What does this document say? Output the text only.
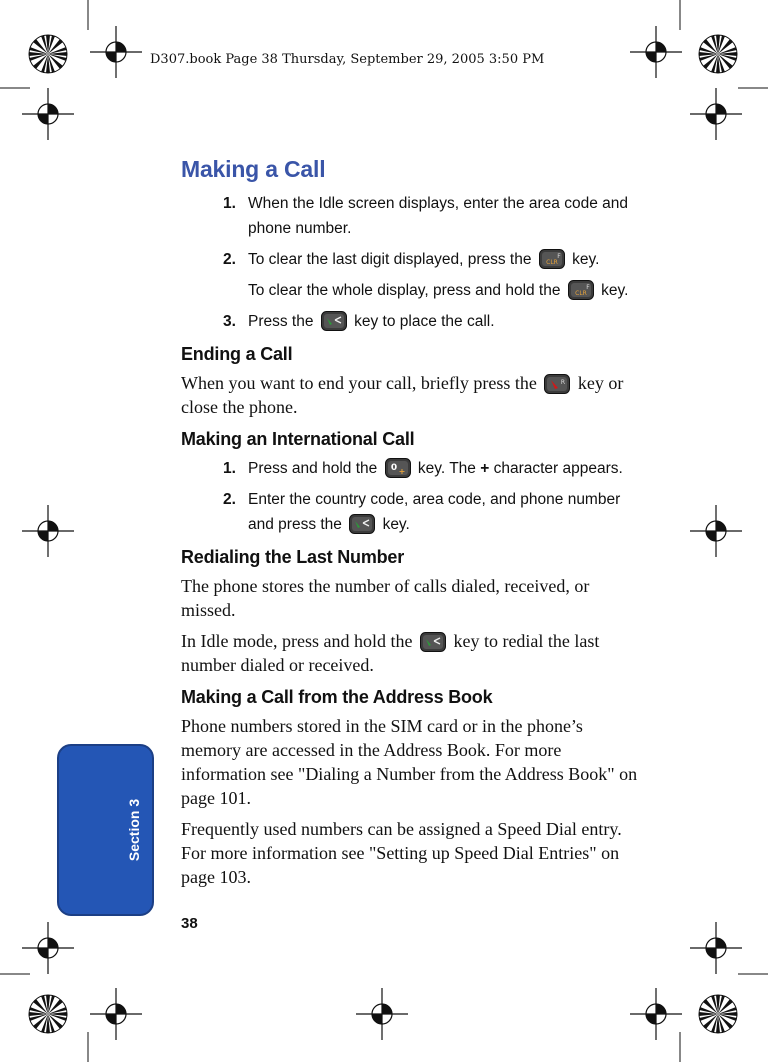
D307.book Page 38 Thursday, September 29, 2005 3:50 PM
Section 3
Making a Call
1. When the Idle screen displays, enter the area code and phone number.
2. To clear the last digit displayed, press the CLR
F key.
To clear the whole display, press and hold the CLR
F key.
3. Press the	key to place the call.
Ending a Call

When you want to end your call, briefly press the	R key or close the phone.

Making an International Call
1. Press and hold the 0 + key. The + character appears.
2. Enter the country code, area code, and phone number and press the	key.
Redialing the Last Number

The phone stores the number of calls dialed, received, or missed.

In Idle mode, press and hold the key to redial the last number dialed or received.

Making a Call from the Address Book

Phone numbers stored in the SIM card or in the phone’s memory are accessed in the Address Book. For more information see "Dialing a Number from the Address Book" on page 101.

Frequently used numbers can be assigned a Speed Dial entry. For more information see "Setting up Speed Dial Entries" on page 103.

38
